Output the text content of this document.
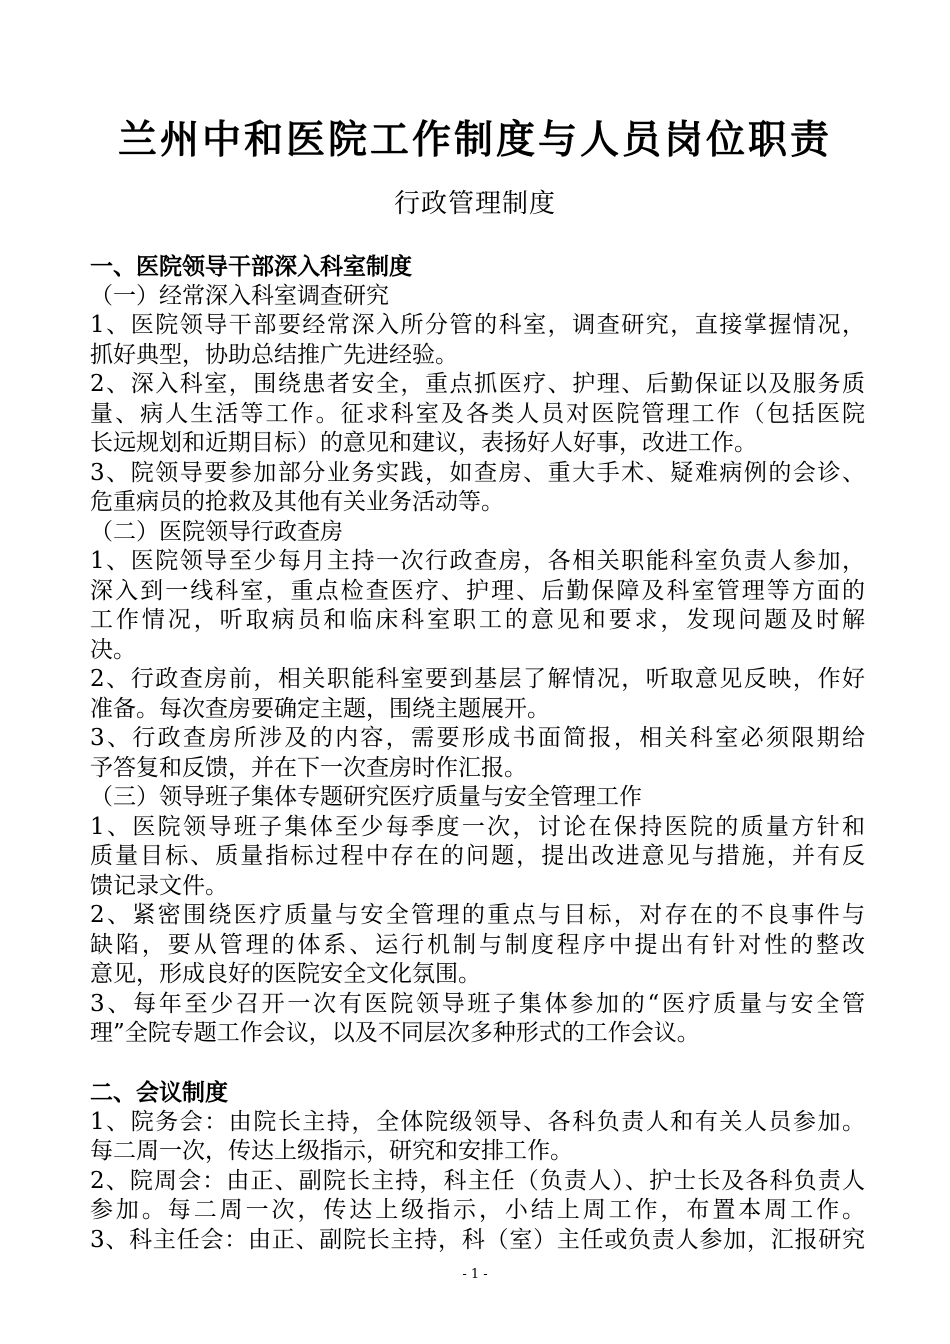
兰州中和医院工作制度与人员岗位职责
行政管理制度
一、医院领导干部深入科室制度
（一）经常深入科室调查研究
1、医院领导干部要经常深入所分管的科室，调查研究，直接掌握情况，
抓好典型，协助总结推广先进经验。
2、深入科室，围绕患者安全，重点抓医疗、护理、后勤保证以及服务质
量、病人生活等工作。征求科室及各类人员对医院管理工作（包括医院
长远规划和近期目标）的意见和建议，表扬好人好事，改进工作。
3、院领导要参加部分业务实践，如查房、重大手术、疑难病例的会诊、
危重病员的抢救及其他有关业务活动等。
（二）医院领导行政查房
1、医院领导至少每月主持一次行政查房，各相关职能科室负责人参加，
深入到一线科室，重点检查医疗、护理、后勤保障及科室管理等方面的
工作情况，听取病员和临床科室职工的意见和要求，发现问题及时解
决。
2、行政查房前，相关职能科室要到基层了解情况，听取意见反映，作好
准备。每次查房要确定主题，围绕主题展开。
3、行政查房所涉及的内容，需要形成书面简报，相关科室必须限期给
予答复和反馈，并在下一次查房时作汇报。
（三）领导班子集体专题研究医疗质量与安全管理工作
1、医院领导班子集体至少每季度一次，讨论在保持医院的质量方针和
质量目标、质量指标过程中存在的问题，提出改进意见与措施，并有反
馈记录文件。
2、紧密围绕医疗质量与安全管理的重点与目标，对存在的不良事件与
缺陷，要从管理的体系、运行机制与制度程序中提出有针对性的整改
意见，形成良好的医院安全文化氛围。
3、每年至少召开一次有医院领导班子集体参加的“医疗质量与安全管
理”全院专题工作会议，以及不同层次多种形式的工作会议。
二、会议制度
1、院务会：由院长主持，全体院级领导、各科负责人和有关人员参加。
每二周一次，传达上级指示，研究和安排工作。
2、院周会：由正、副院长主持，科主任（负责人）、护士长及各科负责人
参加。每二周一次，传达上级指示，小结上周工作，布置本周工作。
3、科主任会：由正、副院长主持，科（室）主任或负责人参加，汇报研究
- 1 -
